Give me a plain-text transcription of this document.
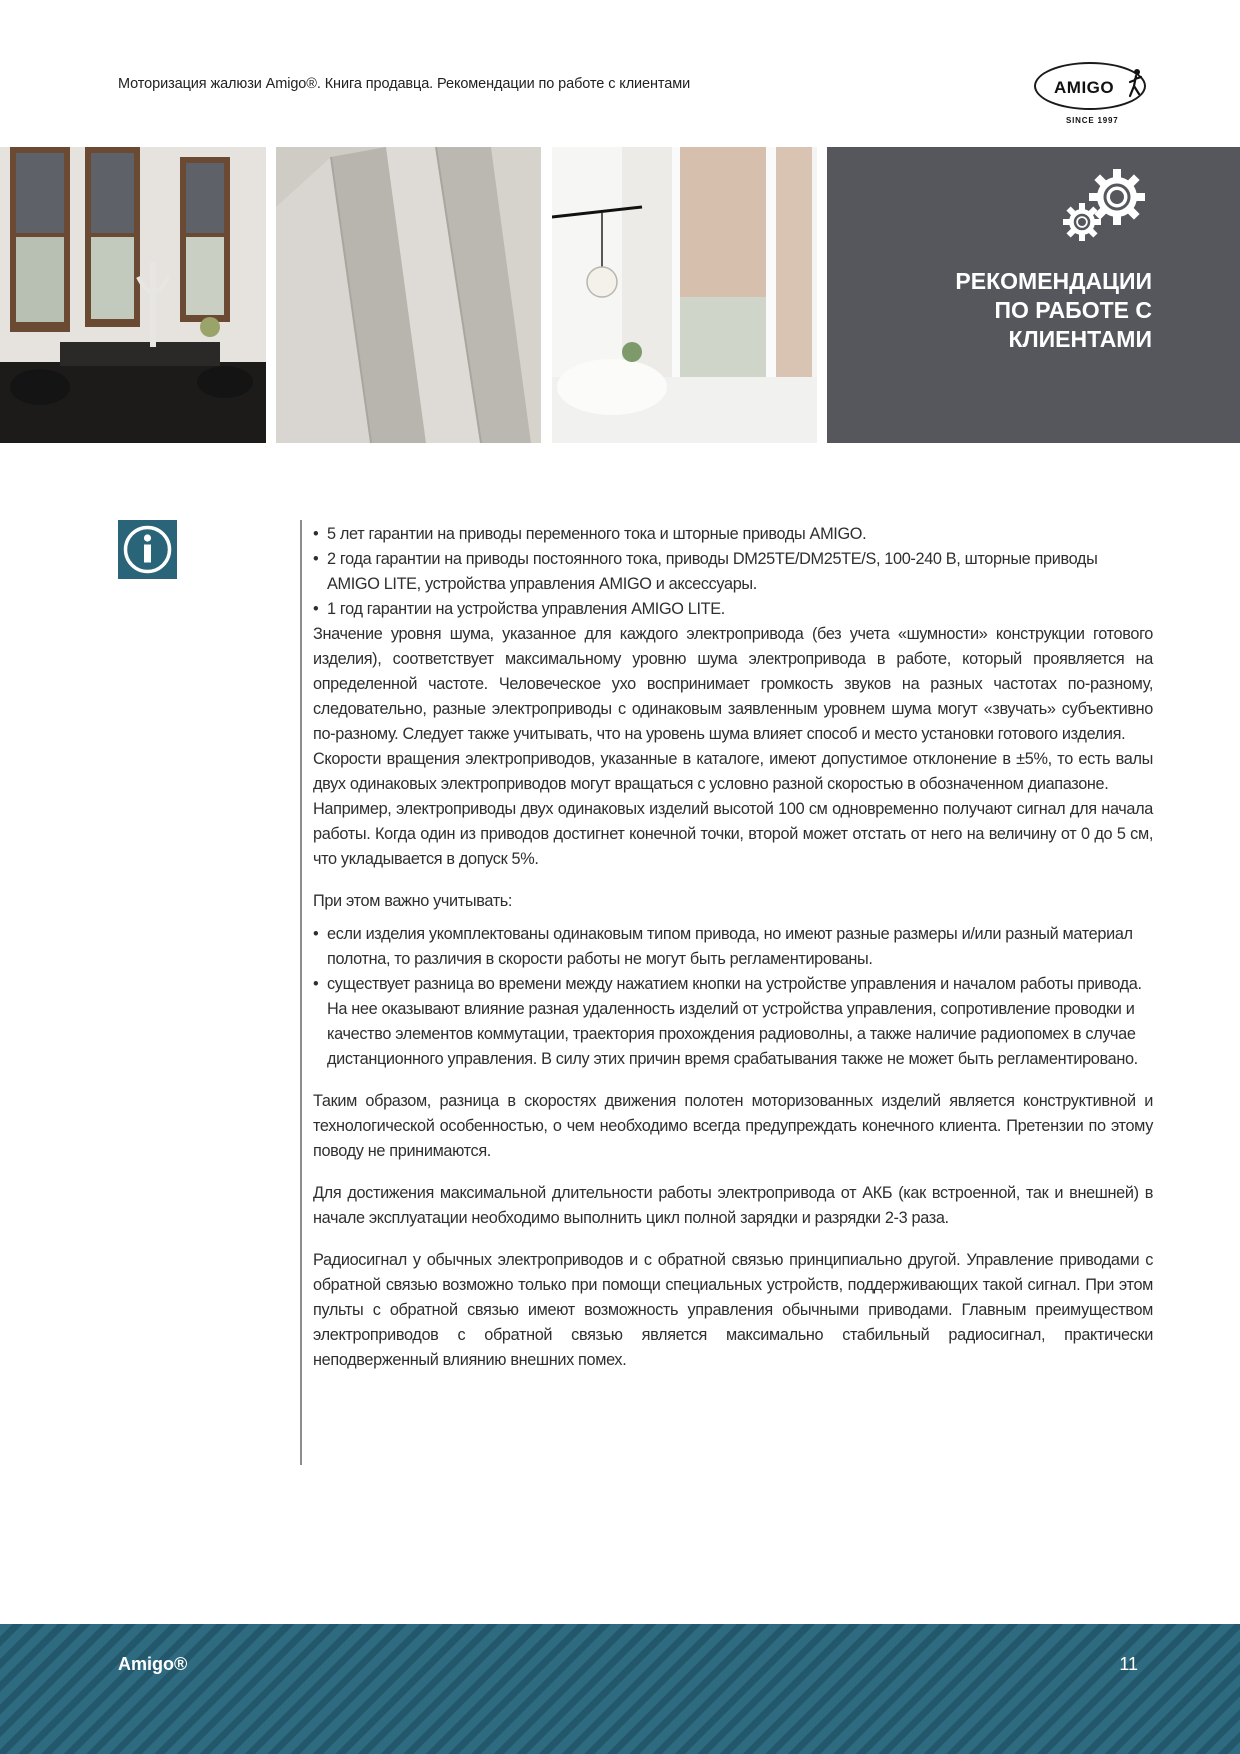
Моторизация жалюзи Amigo®. Книга продавца. Рекомендации по работе с клиентами	AMIGO
SINCE 1997
РЕКОМЕНДАЦИИ
ПО РАБОТЕ С
КЛИЕНТАМИ
• 5 лет гарантии на приводы переменного тока и шторные приводы AMIGO.
• 2 года гарантии на приводы постоянного тока, приводы DM25TE/DM25TE/S, 100-240 В, шторные приводы AMIGO LITE, устройства управления AMIGO и аксессуары.
• 1 год гарантии на устройства управления AMIGO LITE.

Значение уровня шума, указанное для каждого электропривода (без учета «шумности» конструкции готового изделия), соответствует максимальному уровню шума электропривода в работе, который проявляется на определенной частоте. Человеческое ухо воспринимает громкость звуков на разных частотах по-разному, следовательно, разные электроприводы с одинаковым заявленным уровнем шума могут «звучать» субъективно по-разному. Следует также учитывать, что на уровень шума влияет способ и место установки готового изделия.

Скорости вращения электроприводов, указанные в каталоге, имеют допустимое отклонение в ±5%, то есть валы двух одинаковых электроприводов могут вращаться с условно разной скоростью в обозначенном диапазоне.

Например, электроприводы двух одинаковых изделий высотой 100 см одновременно получают сигнал для начала работы. Когда один из приводов достигнет конечной точки, второй может отстать от него на величину от 0 до 5 см, что укладывается в допуск 5%.

При этом важно учитывать:

• если изделия укомплектованы одинаковым типом привода, но имеют разные размеры и/или разный материал полотна, то различия в скорости работы не могут быть регламентированы.
• существует разница во времени между нажатием кнопки на устройстве управления и началом работы привода. На нее оказывают влияние разная удаленность изделий от устройства управления, сопротивление проводки и качество элементов коммутации, траектория прохождения радиоволны, а также наличие радиопомех в случае дистанционного управления. В силу этих причин время срабатывания также не может быть регламентировано.

Таким образом, разница в скоростях движения полотен моторизованных изделий является конструктивной и технологической особенностью, о чем необходимо всегда предупреждать конечного клиента. Претензии по этому поводу не принимаются.

Для достижения максимальной длительности работы электропривода от АКБ (как встроенной, так и внешней) в начале эксплуатации необходимо выполнить цикл полной зарядки и разрядки 2-3 раза.

Радиосигнал у обычных электроприводов и с обратной связью принципиально другой. Управление приводами с обратной связью возможно только при помощи специальных устройств, поддерживающих такой сигнал. При этом пульты с обратной связью имеют возможность управления обычными приводами. Главным преимуществом электроприводов с обратной связью является максимально стабильный радиосигнал, практически неподверженный влиянию внешних помех.

Amigo®	11
